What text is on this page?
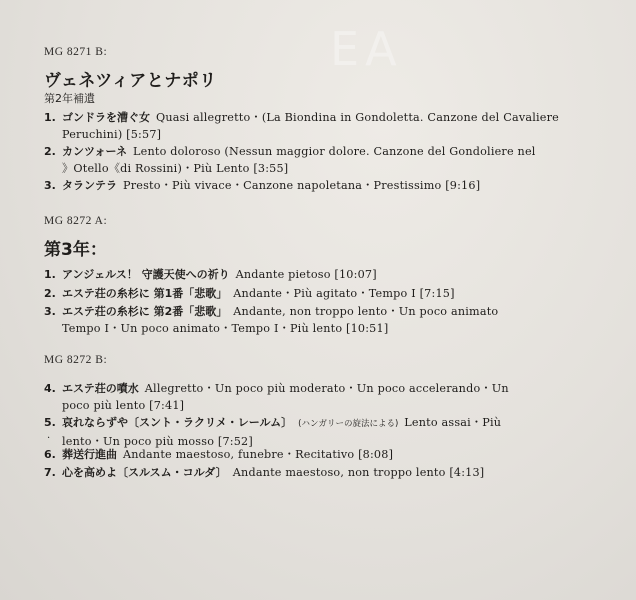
EA
MG 8271 B:
ヴェネツィアとナポリ
第2年補遺
1. ゴンドラを漕ぐ女 Quasi allegretto・(La Biondina in Gondoletta. Canzone del Cavaliere
Peruchini) [5:57]
2. カンツォーネ Lento doloroso (Nessun maggior dolore. Canzone del Gondoliere nel
》Otello《di Rossini)・Più Lento [3:55]
3. タランテラ Presto・Più vivace・Canzone napoletana・Prestissimo [9:16]
MG 8272 A:
第3年：
1. アンジェルス！ 守護天使への祈り Andante pietoso [10:07]
2. エステ荘の糸杉に 第1番「悲歌」 Andante・Più agitato・Tempo Ⅰ [7:15]
3. エステ荘の糸杉に 第2番「悲歌」 Andante, non troppo lento・Un poco animato
Tempo Ⅰ・Un poco animato・Tempo Ⅰ・Più lento [10:51]
MG 8272 B:
4. エステ荘の噴水 Allegretto・Un poco più moderato・Un poco accelerando・Un
poco più lento [7:41]
5. 哀れならずや〔スント・ラクリメ・レールム〕 (ハンガリーの旋法による) Lento assai・Più
lento・Un poco più mosso [7:52]
.
6. 葬送行進曲 Andante maestoso, funebre・Recitativo [8:08]
7. 心を高めよ〔スルスム・コルダ〕 Andante maestoso, non troppo lento [4:13]
